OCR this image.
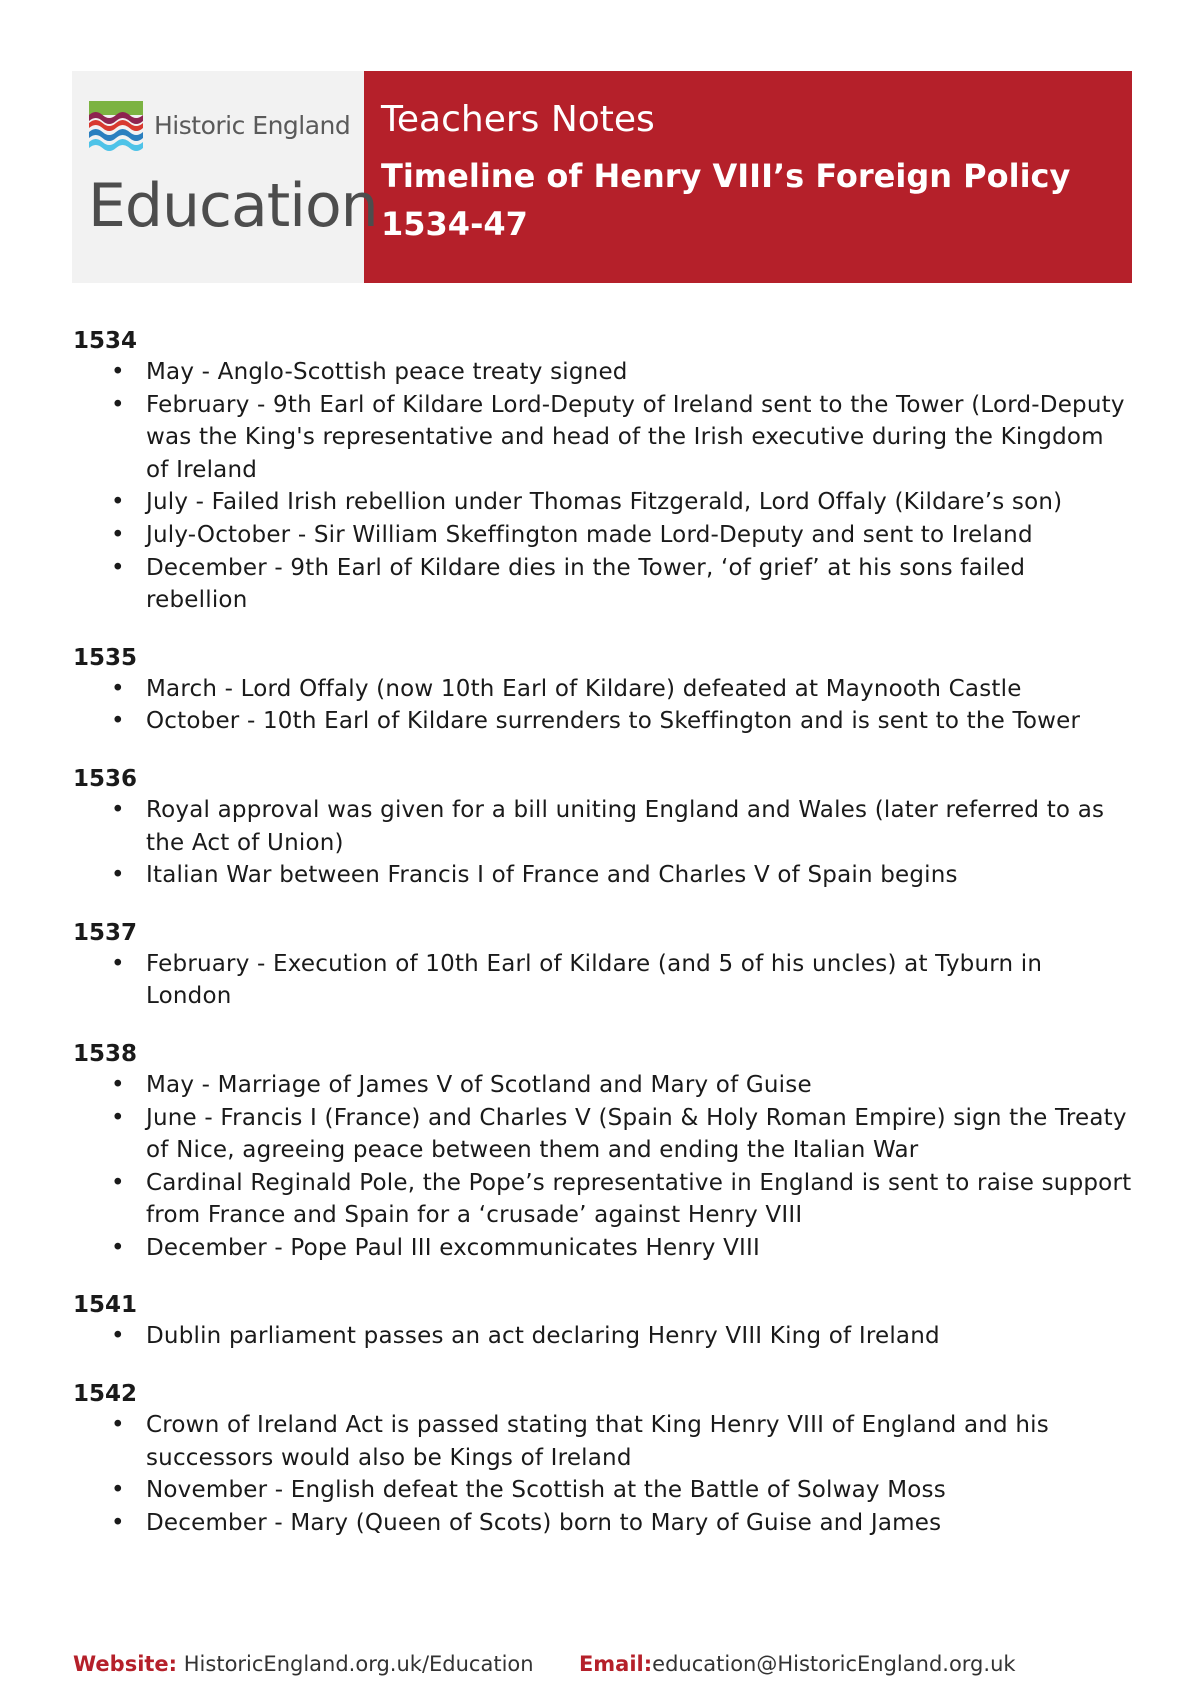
Historic England
Education
Teachers Notes
Timeline of Henry VIII’s Foreign Policy
1534-47
1534
• May - Anglo-Scottish peace treaty signed
• February - 9th Earl of Kildare Lord-Deputy of Ireland sent to the Tower (Lord-Deputy was the King's representative and head of the Irish executive during the Kingdom of Ireland
• July - Failed Irish rebellion under Thomas Fitzgerald, Lord Offaly (Kildare’s son)
• July-October - Sir William Skeffington made Lord-Deputy and sent to Ireland
• December - 9th Earl of Kildare dies in the Tower, ‘of grief’ at his sons failed rebellion
1535
• March - Lord Offaly (now 10th Earl of Kildare) defeated at Maynooth Castle
• October - 10th Earl of Kildare surrenders to Skeffington and is sent to the Tower
1536
• Royal approval was given for a bill uniting England and Wales (later referred to as the Act of Union)
• Italian War between Francis I of France and Charles V of Spain begins
1537
• February - Execution of 10th Earl of Kildare (and 5 of his uncles) at Tyburn in London
1538
• May - Marriage of James V of Scotland and Mary of Guise
• June - Francis I (France) and Charles V (Spain & Holy Roman Empire) sign the Treaty of Nice, agreeing peace between them and ending the Italian War
• Cardinal Reginald Pole, the Pope’s representative in England is sent to raise support from France and Spain for a ‘crusade’ against Henry VIII
• December - Pope Paul III excommunicates Henry VIII
1541
• Dublin parliament passes an act declaring Henry VIII King of Ireland
1542
• Crown of Ireland Act is passed stating that King Henry VIII of England and his successors would also be Kings of Ireland
• November - English defeat the Scottish at the Battle of Solway Moss
• December - Mary (Queen of Scots) born to Mary of Guise and James
Website: HistoricEngland.org.uk/Education Email:education@HistoricEngland.org.uk
